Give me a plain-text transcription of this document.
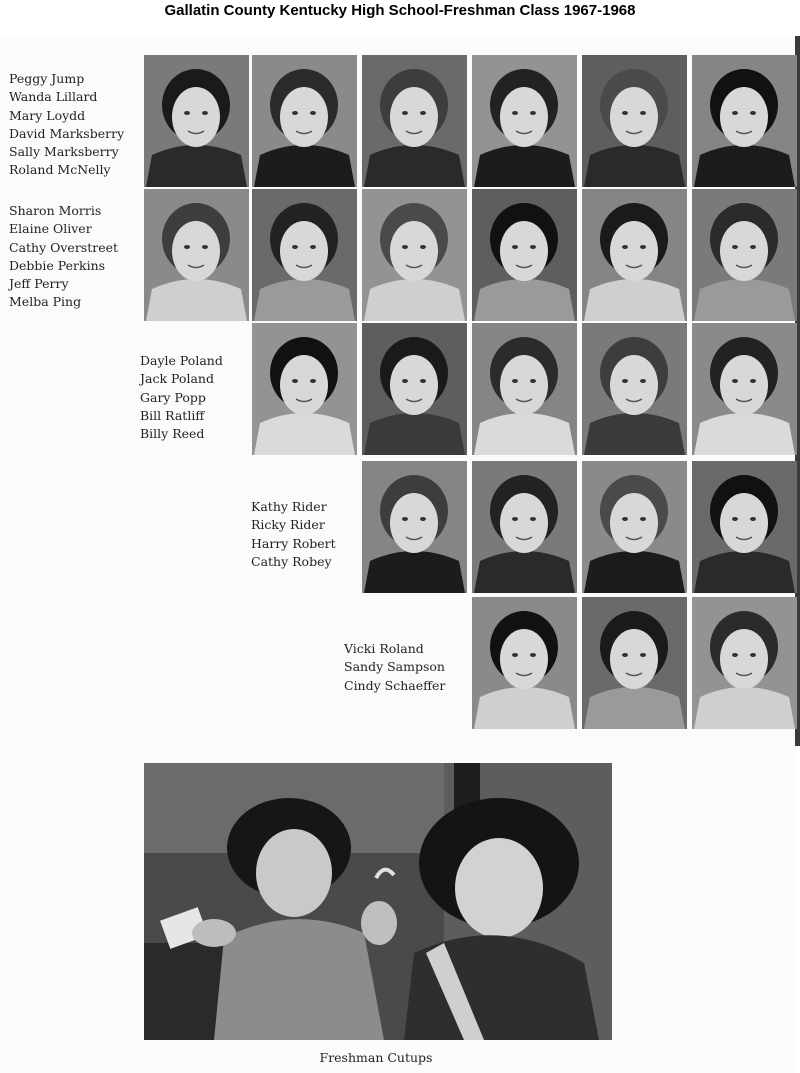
Gallatin County Kentucky High School-Freshman Class 1967-1968
Peggy Jump
Wanda Lillard
Mary Loydd
David Marksberry
Sally Marksberry
Roland McNelly
Sharon Morris
Elaine Oliver
Cathy Overstreet
Debbie Perkins
Jeff Perry
Melba Ping
Dayle Poland
Jack Poland
Gary Popp
Bill Ratliff
Billy Reed
Kathy Rider
Ricky Rider
Harry Robert
Cathy Robey
Vicki Roland
Sandy Sampson
Cindy Schaeffer
Freshman Cutups
